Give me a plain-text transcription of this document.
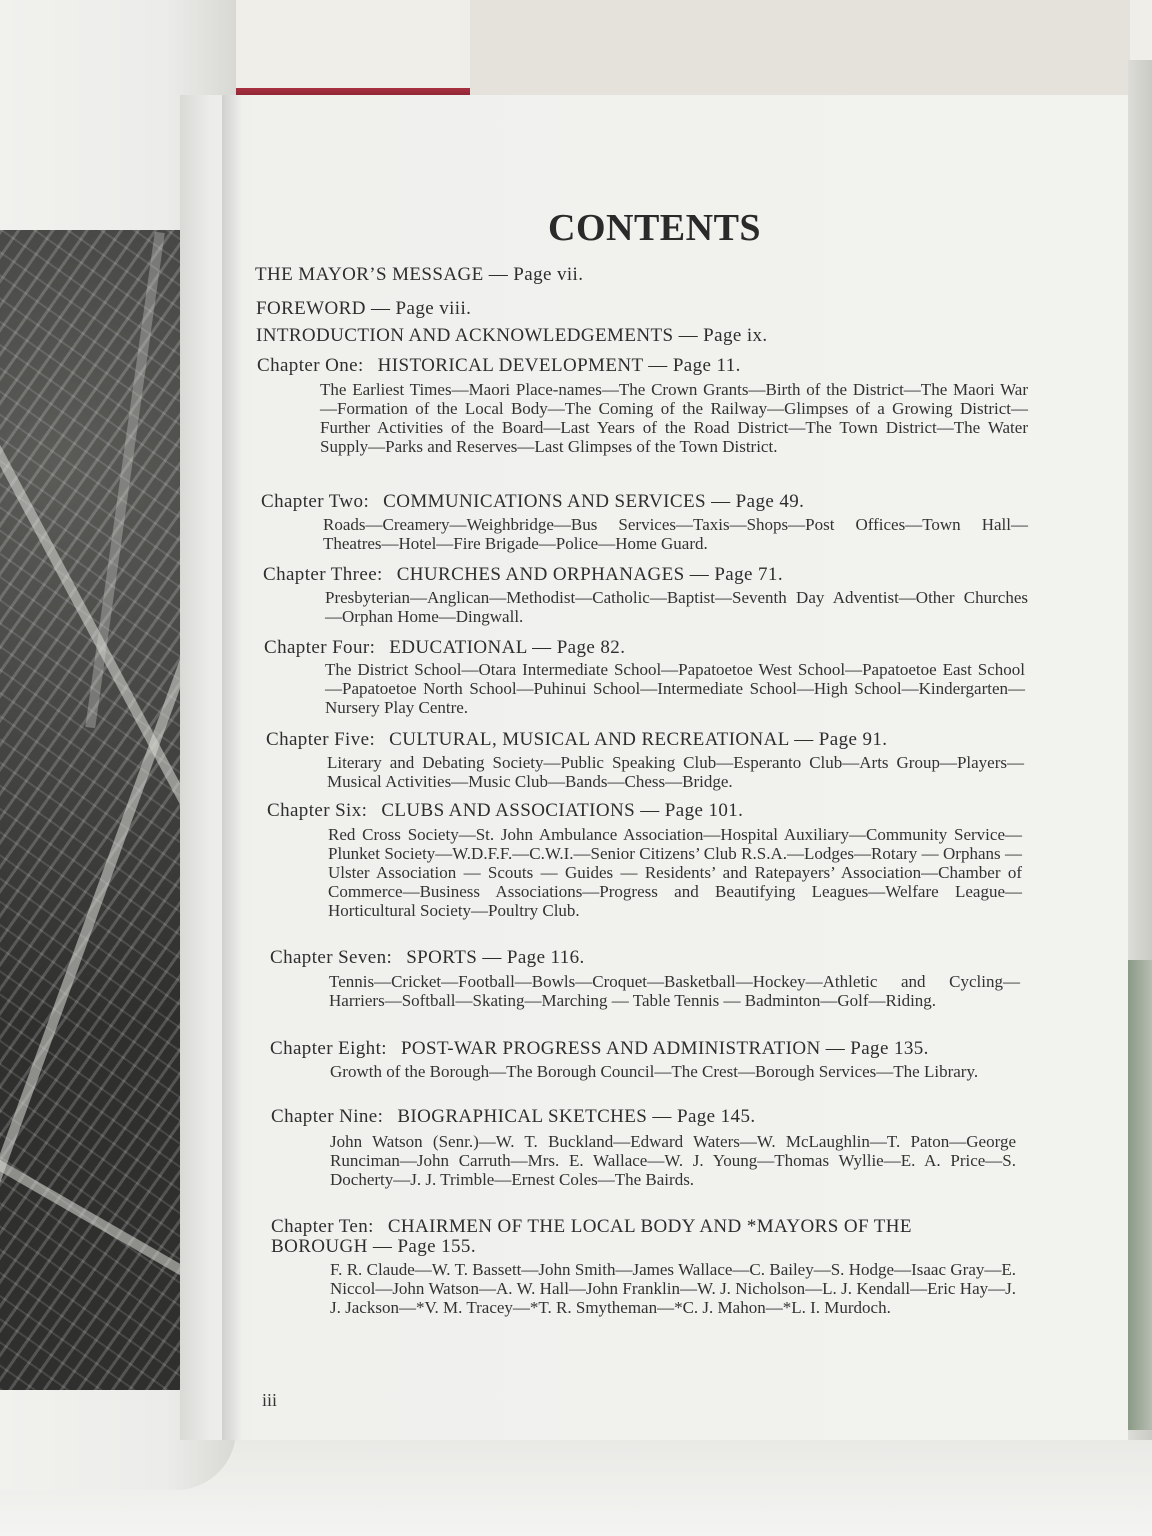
CONTENTS
THE MAYOR’S MESSAGE — Page vii.
FOREWORD — Page viii.
INTRODUCTION AND ACKNOWLEDGEMENTS — Page ix.
Chapter One: HISTORICAL DEVELOPMENT — Page 11.
The Earliest Times—Maori Place-names—The Crown Grants—Birth of the District—The Maori War—Formation of the Local Body—The Coming of the Railway—Glimpses of a Growing District—Further Activities of the Board—Last Years of the Road District—The Town District—The Water Supply—Parks and Reserves—Last Glimpses of the Town District.
Chapter Two: COMMUNICATIONS AND SERVICES — Page 49.
Roads—Creamery—Weighbridge—Bus Services—Taxis—Shops—Post Offices—Town Hall—Theatres—Hotel—Fire Brigade—Police—Home Guard.
Chapter Three: CHURCHES AND ORPHANAGES — Page 71.
Presbyterian—Anglican—Methodist—Catholic—Baptist—Seventh Day Adventist—Other Churches—Orphan Home—Dingwall.
Chapter Four: EDUCATIONAL — Page 82.
The District School—Otara Intermediate School—Papatoetoe West School—Papatoetoe East School—Papatoetoe North School—Puhinui School—Intermediate School—High School—Kindergarten—Nursery Play Centre.
Chapter Five: CULTURAL, MUSICAL AND RECREATIONAL — Page 91.
Literary and Debating Society—Public Speaking Club—Esperanto Club—Arts Group—Players—Musical Activities—Music Club—Bands—Chess—Bridge.
Chapter Six: CLUBS AND ASSOCIATIONS — Page 101.
Red Cross Society—St. John Ambulance Association—Hospital Auxiliary—Community Service—Plunket Society—W.D.F.F.—C.W.I.—Senior Citizens’ Club R.S.A.—Lodges—Rotary — Orphans — Ulster Association — Scouts — Guides — Residents’ and Ratepayers’ Association—Chamber of Commerce—Business Associations—Progress and Beautifying Leagues—Welfare League—Horticultural Society—Poultry Club.
Chapter Seven: SPORTS — Page 116.
Tennis—Cricket—Football—Bowls—Croquet—Basketball—Hockey—Athletic and Cycling—Harriers—Softball—Skating—Marching — Table Tennis — Badminton—Golf—Riding.
Chapter Eight: POST-WAR PROGRESS AND ADMINISTRATION — Page 135.
Growth of the Borough—The Borough Council—The Crest—Borough Services—The Library.
Chapter Nine: BIOGRAPHICAL SKETCHES — Page 145.
John Watson (Senr.)—W. T. Buckland—Edward Waters—W. McLaughlin—T. Paton—George Runciman—John Carruth—Mrs. E. Wallace—W. J. Young—Thomas Wyllie—E. A. Price—S. Docherty—J. J. Trimble—Ernest Coles—The Bairds.
Chapter Ten: CHAIRMEN OF THE LOCAL BODY AND *MAYORS OF THE BOROUGH — Page 155.
F. R. Claude—W. T. Bassett—John Smith—James Wallace—C. Bailey—S. Hodge—Isaac Gray—E. Niccol—John Watson—A. W. Hall—John Franklin—W. J. Nicholson—L. J. Kendall—Eric Hay—J. J. Jackson—*V. M. Tracey—*T. R. Smytheman—*C. J. Mahon—*L. I. Murdoch.
iii
